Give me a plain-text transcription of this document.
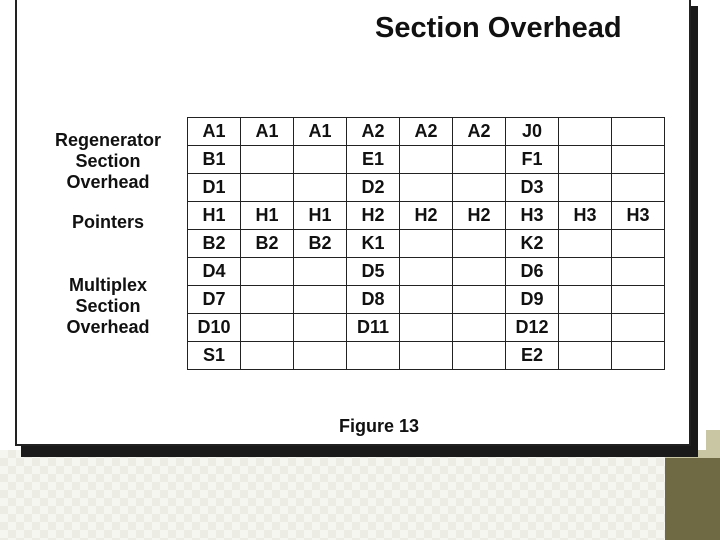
Section Overhead
Regenerator
Section
Overhead
Pointers
Multiplex
Section
Overhead
A1	A1	A1	A2	A2	A2	J0		
B1			E1			F1		
D1			D2			D3		
H1	H1	H1	H2	H2	H2	H3	H3	H3
B2	B2	B2	K1			K2		
D4			D5			D6		
D7			D8			D9		
D10			D11			D12		
S1						E2		
Figure 13
